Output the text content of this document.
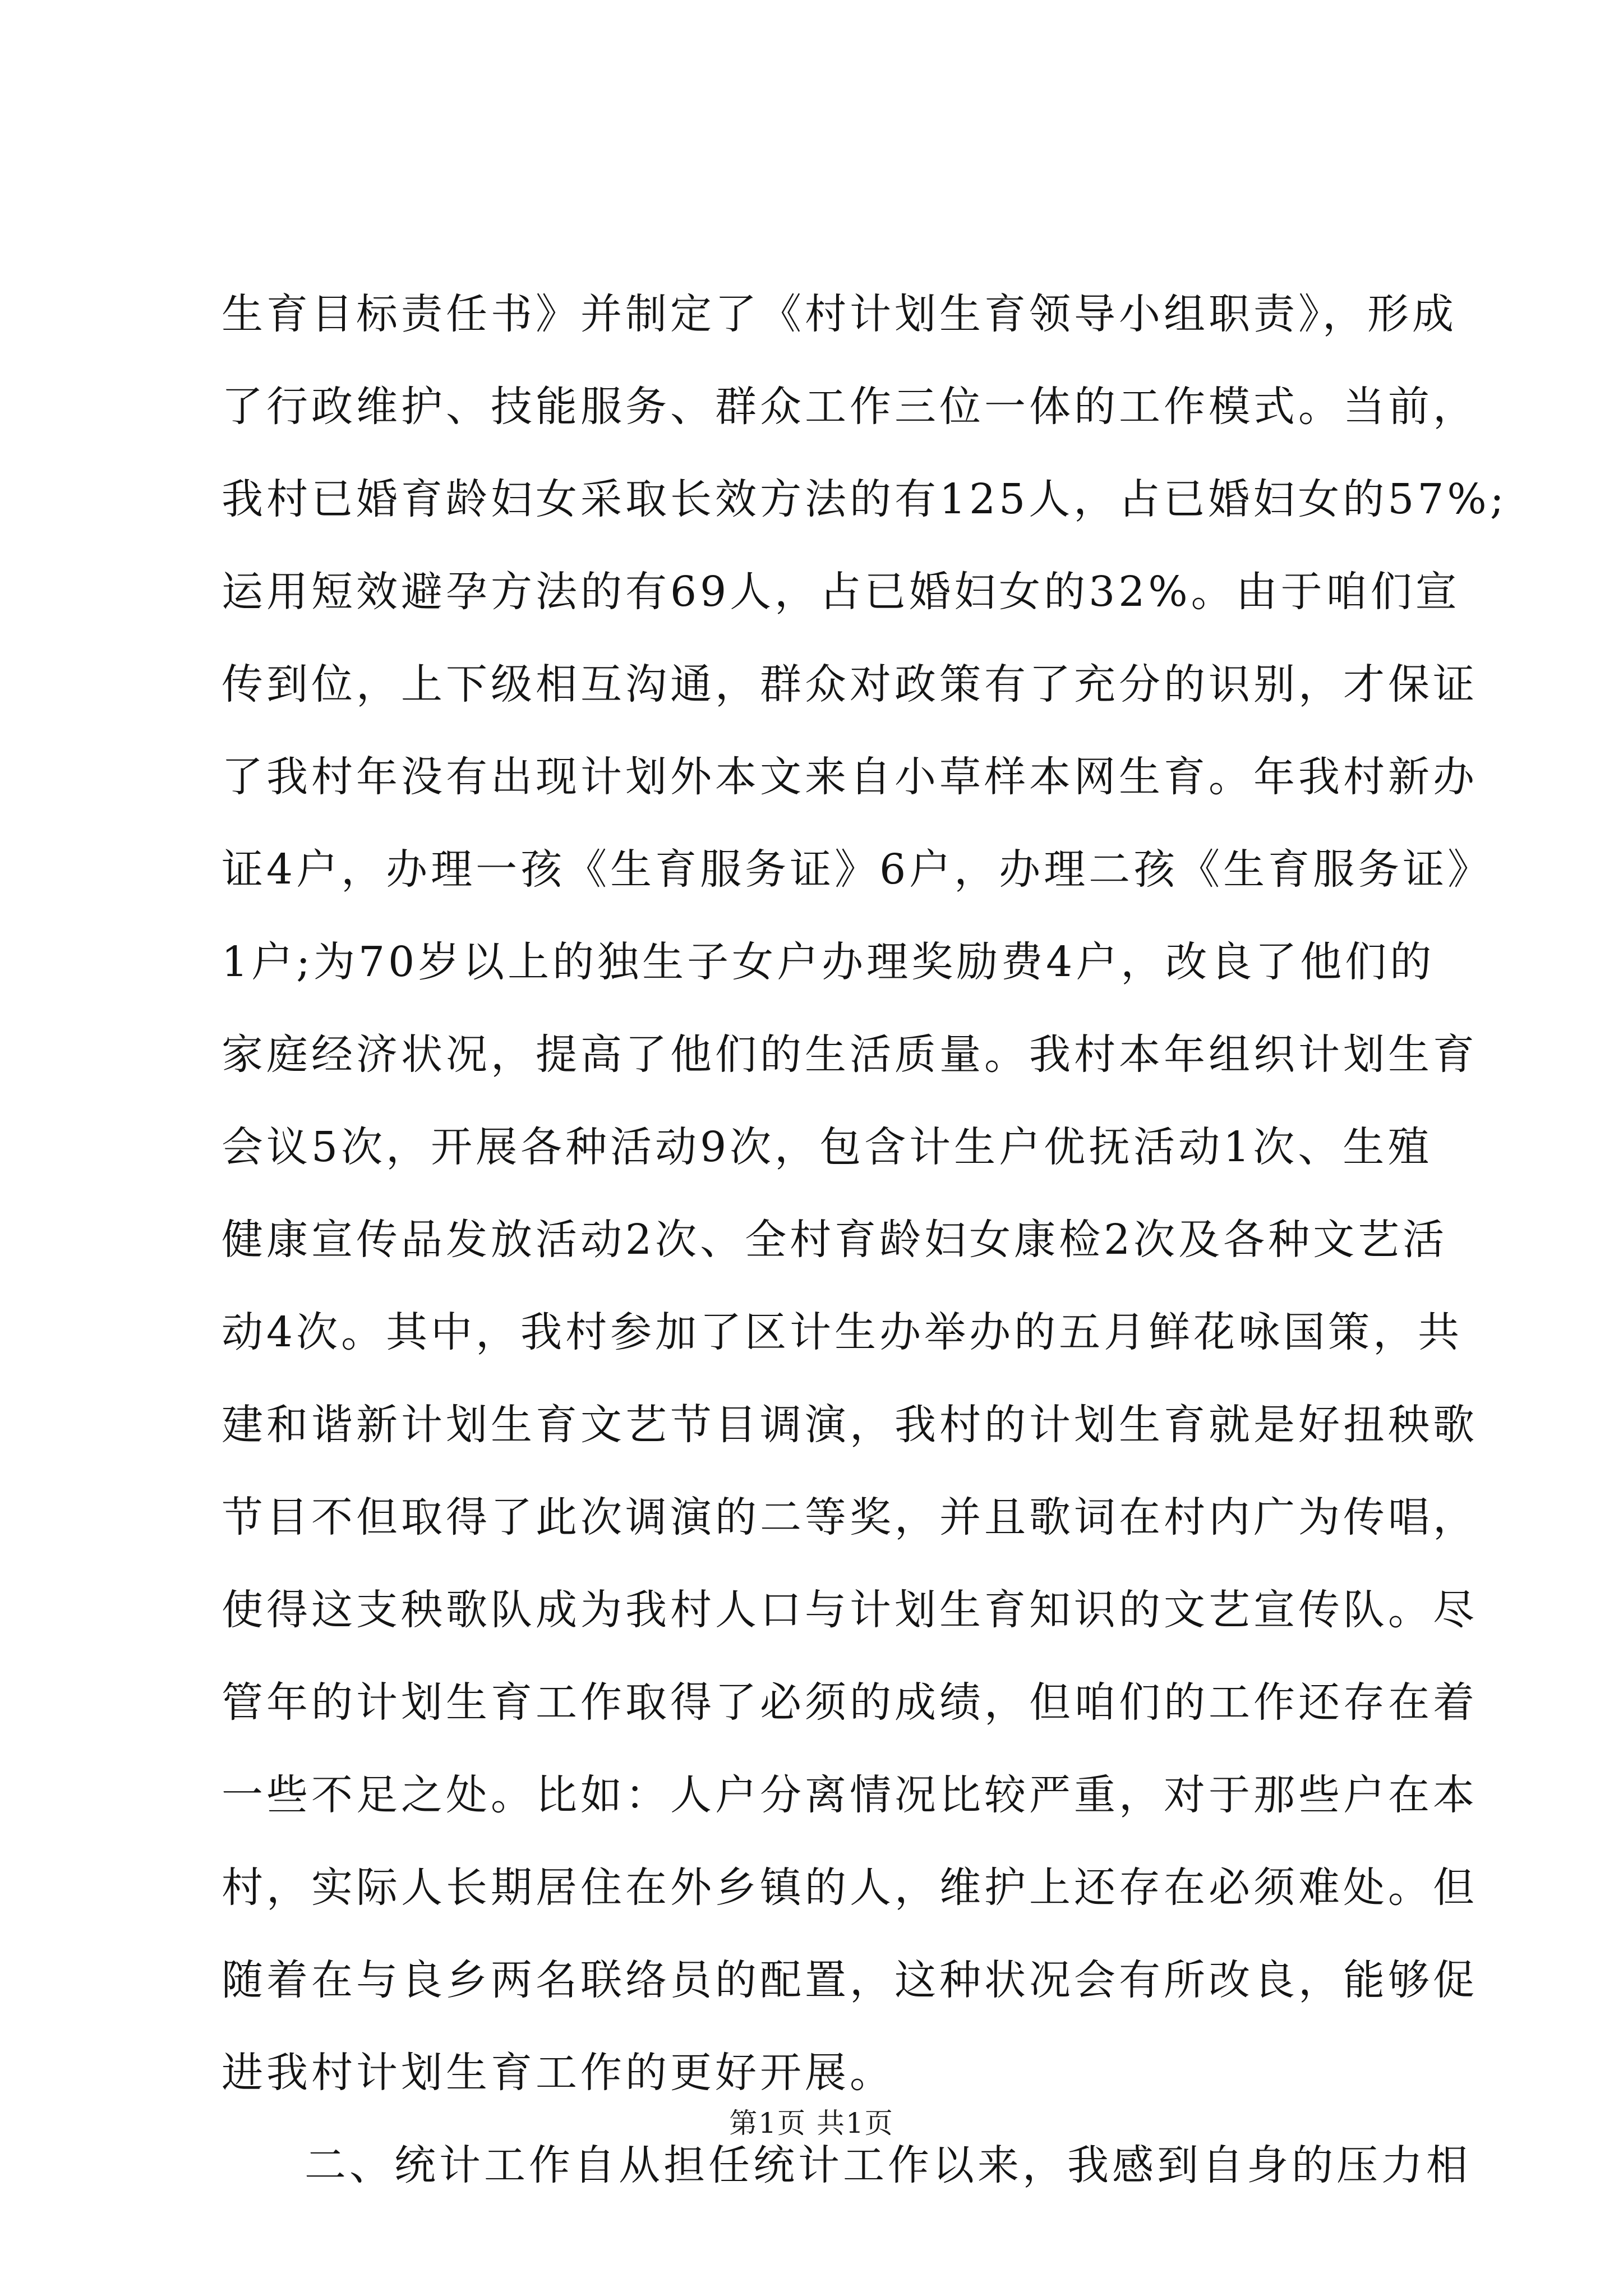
生育目标责任书》并制定了《村计划生育领导小组职责》，形成
了行政维护、技能服务、群众工作三位一体的工作模式。当前，
我村已婚育龄妇女采取长效方法的有125人，占已婚妇女的57%;
运用短效避孕方法的有69人，占已婚妇女的32%。由于咱们宣
传到位，上下级相互沟通，群众对政策有了充分的识别，才保证
了我村年没有出现计划外本文来自小草样本网生育。年我村新办
证4户，办理一孩《生育服务证》6户，办理二孩《生育服务证》
1户;为70岁以上的独生子女户办理奖励费4户，改良了他们的
家庭经济状况，提高了他们的生活质量。我村本年组织计划生育
会议5次，开展各种活动9次，包含计生户优抚活动1次、生殖
健康宣传品发放活动2次、全村育龄妇女康检2次及各种文艺活
动4次。其中，我村参加了区计生办举办的五月鲜花咏国策，共
建和谐新计划生育文艺节目调演，我村的计划生育就是好扭秧歌
节目不但取得了此次调演的二等奖，并且歌词在村内广为传唱，
使得这支秧歌队成为我村人口与计划生育知识的文艺宣传队。尽
管年的计划生育工作取得了必须的成绩，但咱们的工作还存在着
一些不足之处。比如：人户分离情况比较严重，对于那些户在本
村，实际人长期居住在外乡镇的人，维护上还存在必须难处。但
随着在与良乡两名联络员的配置，这种状况会有所改良，能够促
进我村计划生育工作的更好开展。
二、统计工作自从担任统计工作以来，我感到自身的压力相
第1页 共1页
